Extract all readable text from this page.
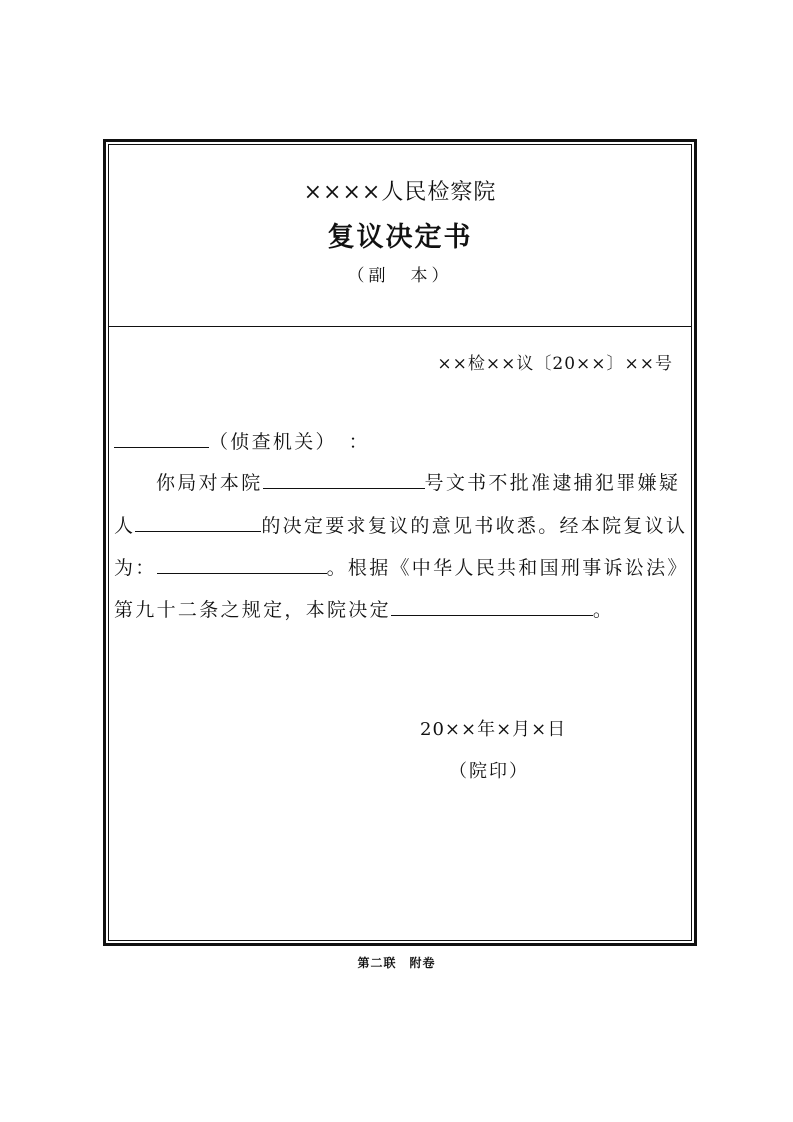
××××人民检察院
复议决定书
（副　本）
××检××议〔20××〕××号
（侦查机关）　：
你局对本院	号文书不批准逮捕犯罪嫌疑
人	的决定要求复议的意见书收悉。经本院复议认
为：	。根据《中华人民共和国刑事诉讼法》
第九十二条之规定，本院决定	。
20××年×月×日
（院印）
第二联　附卷
